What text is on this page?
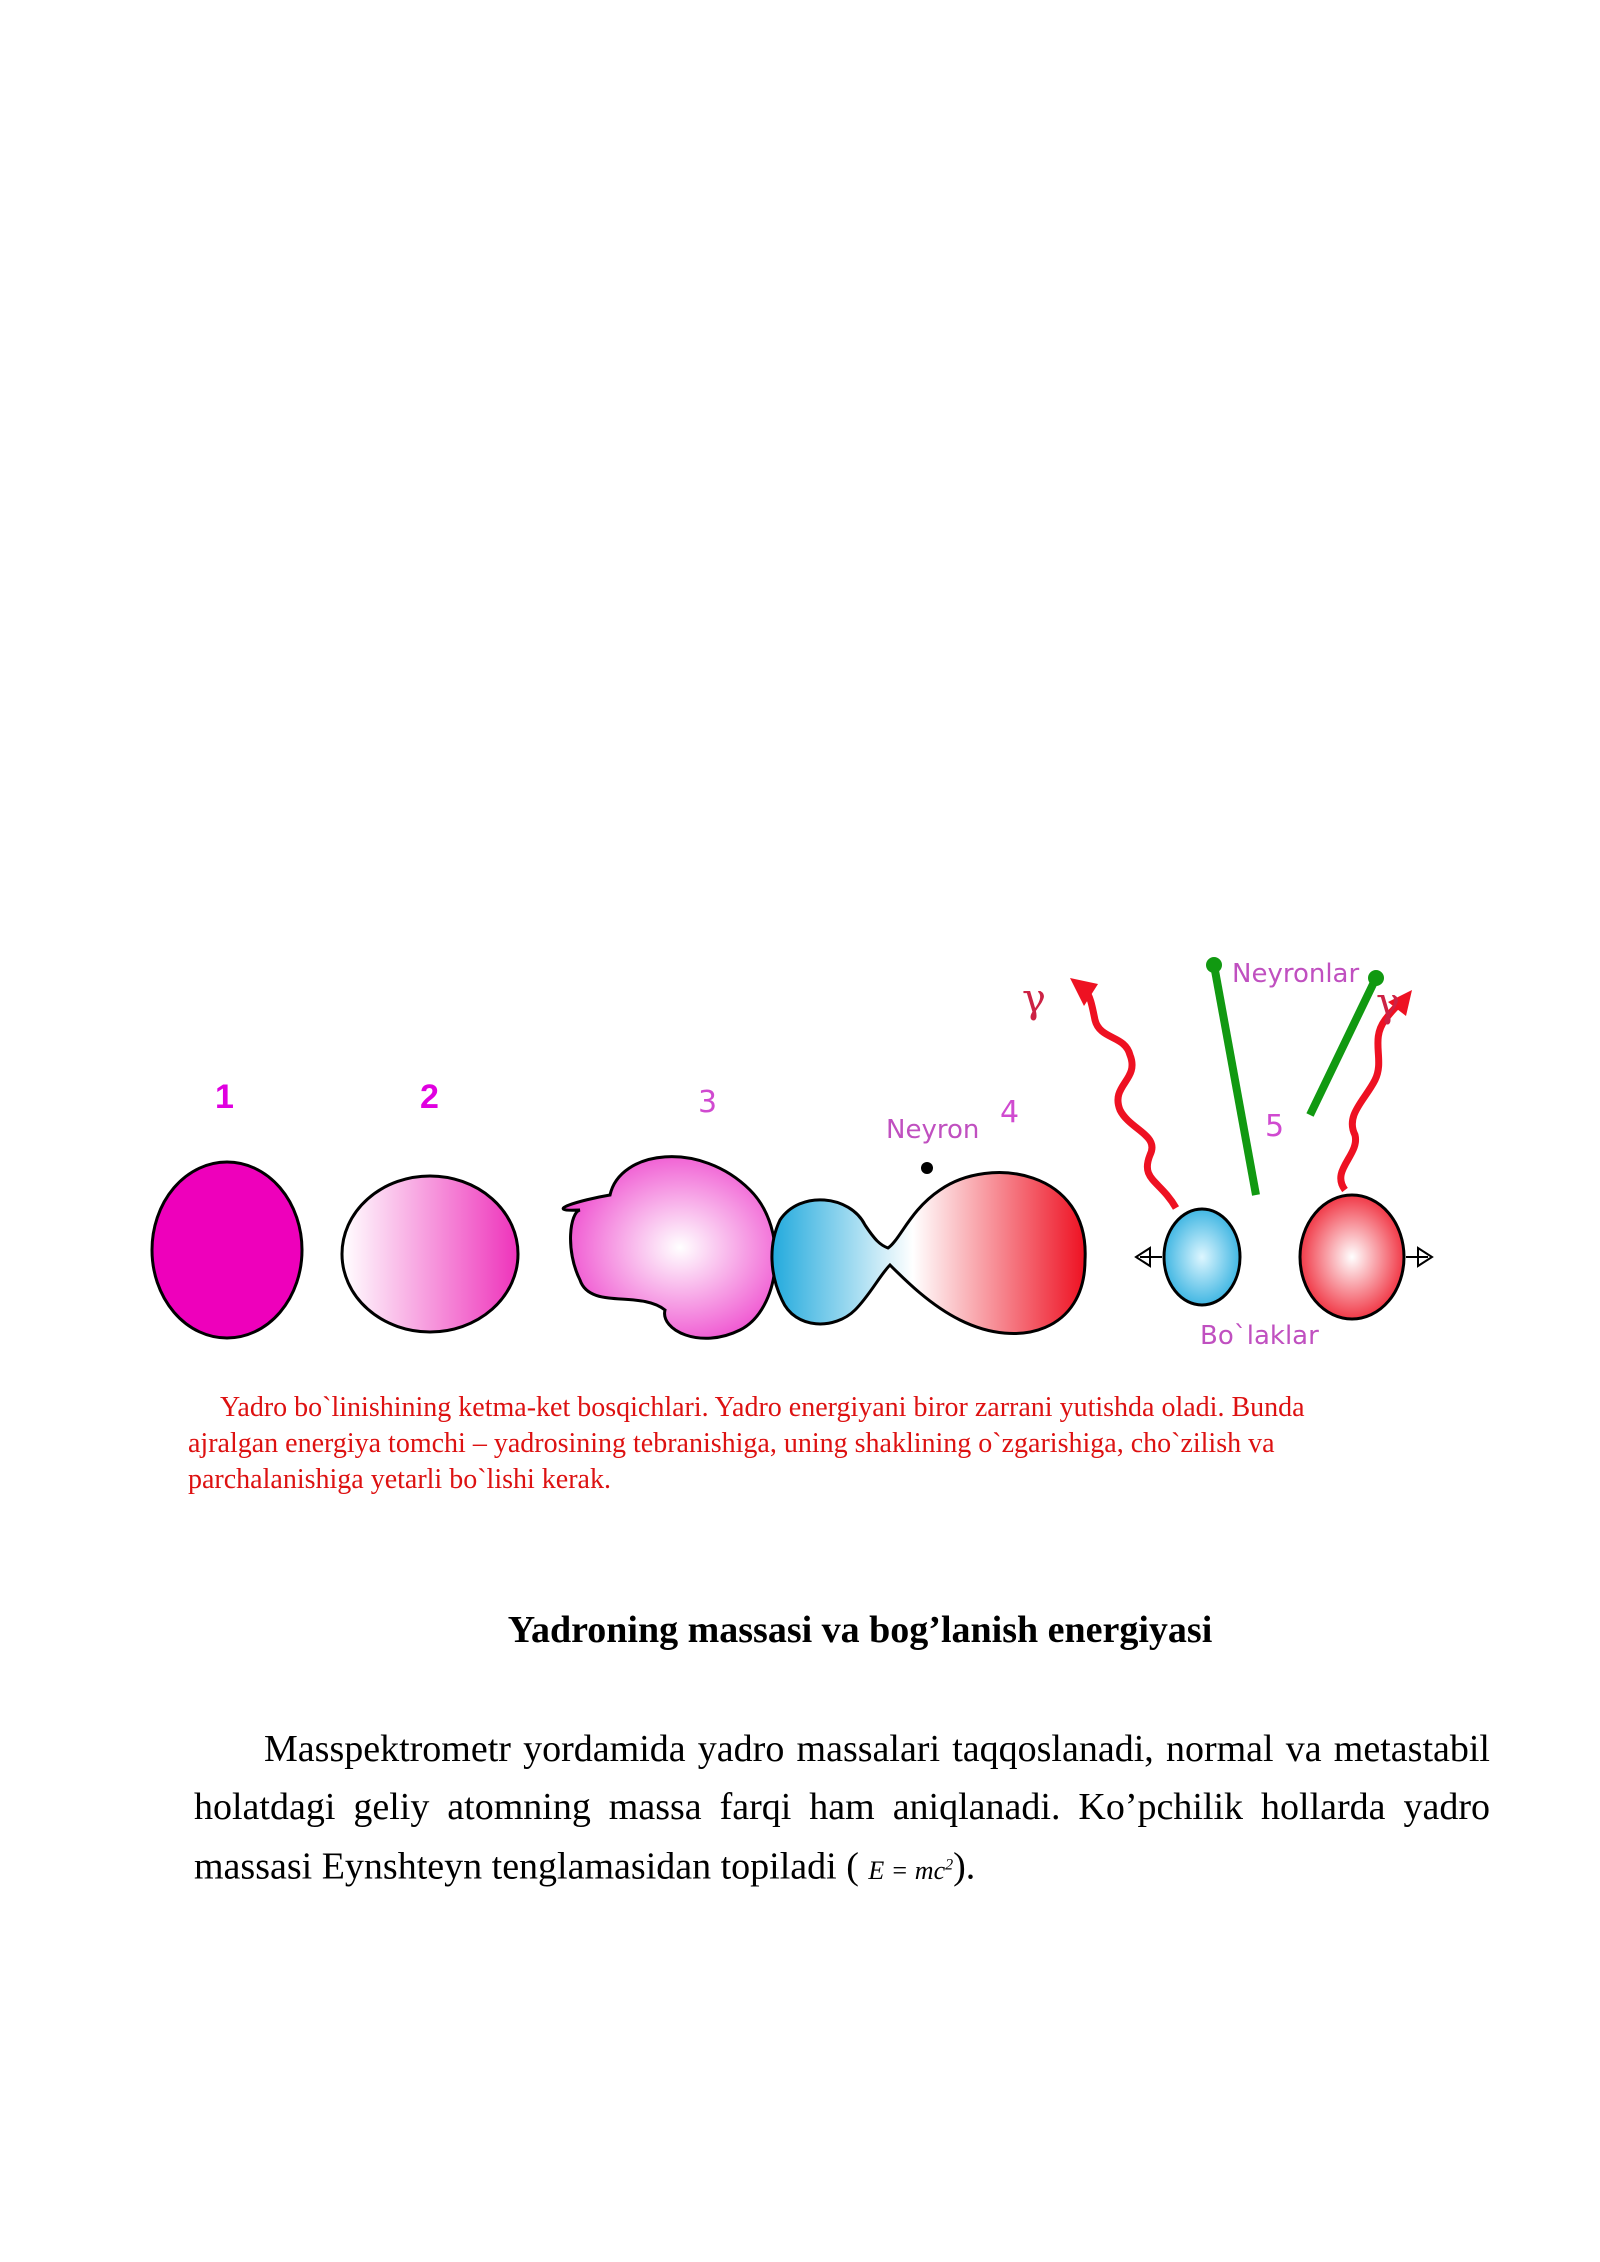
1	2	3	4	5
Neyron
Neyronlar
Bo`laklar
γ	γ

Yadro bo`linishining ketma-ket bosqichlari. Yadro energiyani biror zarrani yutishda oladi. Bunda ajralgan energiya tomchi – yadrosining tebranishiga, uning shaklining o`zgarishiga, cho`zilish va parchalanishiga yetarli bo`lishi kerak.

Yadroning massasi va bog’lanish energiyasi

Masspektrometr yordamida yadro massalari taqqoslanadi, normal va metastabil holatdagi geliy atomning massa farqi ham aniqlanadi. Ko’pchilik hollarda yadro massasi Eynshteyn tenglamasidan topiladi ( $E = mc^2$).
